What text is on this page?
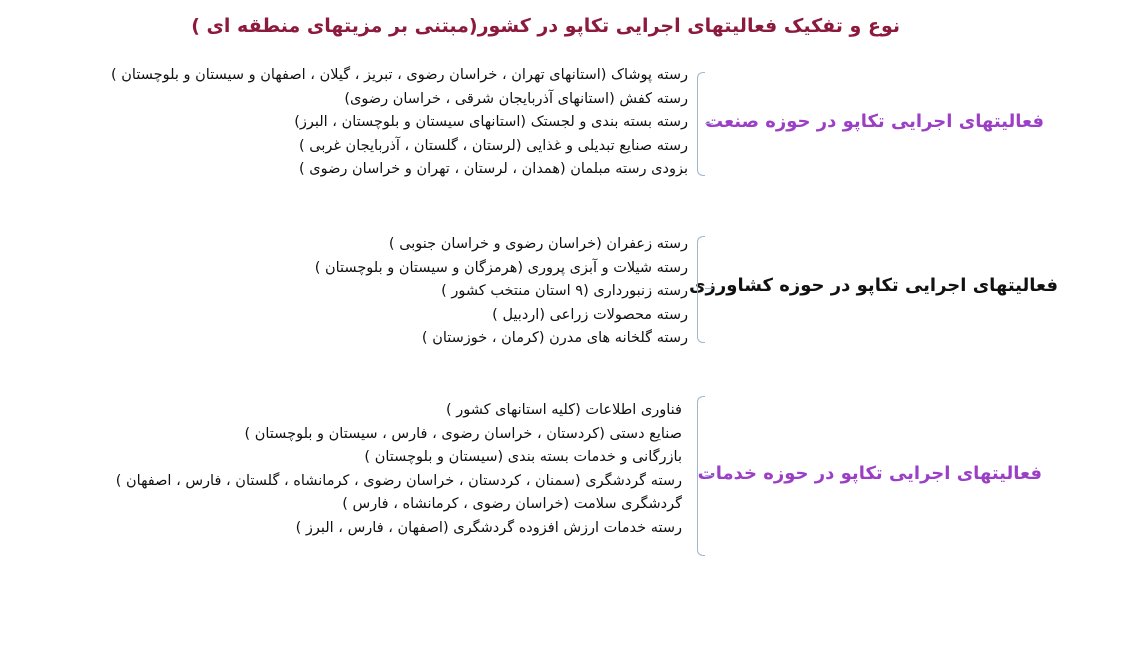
نوع و تفکیک فعالیتهای اجرایی تکاپو در کشور(مبتنی بر مزیتهای منطقه ای )
فعالیتهای اجرایی تکاپو در حوزه صنعت
رسته پوشاک (استانهای تهران ، خراسان رضوی ، تبریز ، گیلان ، اصفهان و سیستان و بلوچستان )
رسته کفش (استانهای آذربایجان شرقی ، خراسان رضوی)
رسته بسته بندی و لجستک (استانهای سیستان و بلوچستان ، البرز)
رسته صنایع تبدیلی و غذایی (لرستان ، گلستان ، آذربایجان غربی )
بزودی رسته مبلمان (همدان ، لرستان ، تهران و خراسان رضوی )
فعالیتهای اجرایی تکاپو در حوزه کشاورزی
رسته زعفران (خراسان رضوی و خراسان جنوبی )
رسته شیلات و آبزی پروری (هرمزگان و سیستان و بلوچستان )
رسته زنبورداری (۹ استان منتخب کشور )
رسته محصولات زراعی (اردبیل )
رسته گلخانه های مدرن (کرمان ، خوزستان )
فعالیتهای اجرایی تکاپو در حوزه خدمات
فناوری اطلاعات (کلیه استانهای کشور )
صنایع دستی (کردستان ، خراسان رضوی ، فارس ، سیستان و بلوچستان )
بازرگانی و خدمات بسته بندی (سیستان و بلوچستان )
رسته گردشگری (سمنان ، کردستان ، خراسان رضوی ، کرمانشاه ، گلستان ، فارس ، اصفهان )
گردشگری سلامت (خراسان رضوی ، کرمانشاه ، فارس )
رسته خدمات ارزش افزوده گردشگری (اصفهان ، فارس ، البرز )
